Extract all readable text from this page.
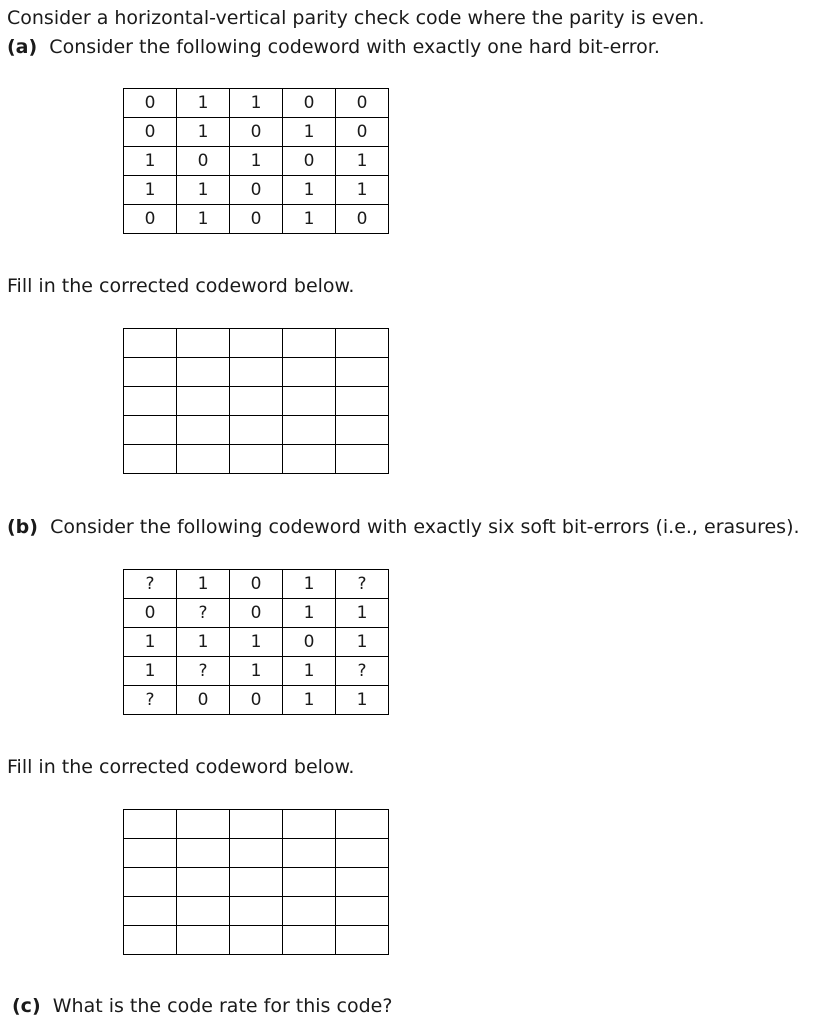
Consider a horizontal-vertical parity check code where the parity is even.
(a) Consider the following codeword with exactly one hard bit-error.
0	1	1	0	0
0	1	0	1	0
1	0	1	0	1
1	1	0	1	1
0	1	0	1	0
Fill in the corrected codeword below.

(b) Consider the following codeword with exactly six soft bit-errors (i.e., erasures).
?	1	0	1	?
0	?	0	1	1
1	1	1	0	1
1	?	1	1	?
?	0	0	1	1
Fill in the corrected codeword below.

(c) What is the code rate for this code?
